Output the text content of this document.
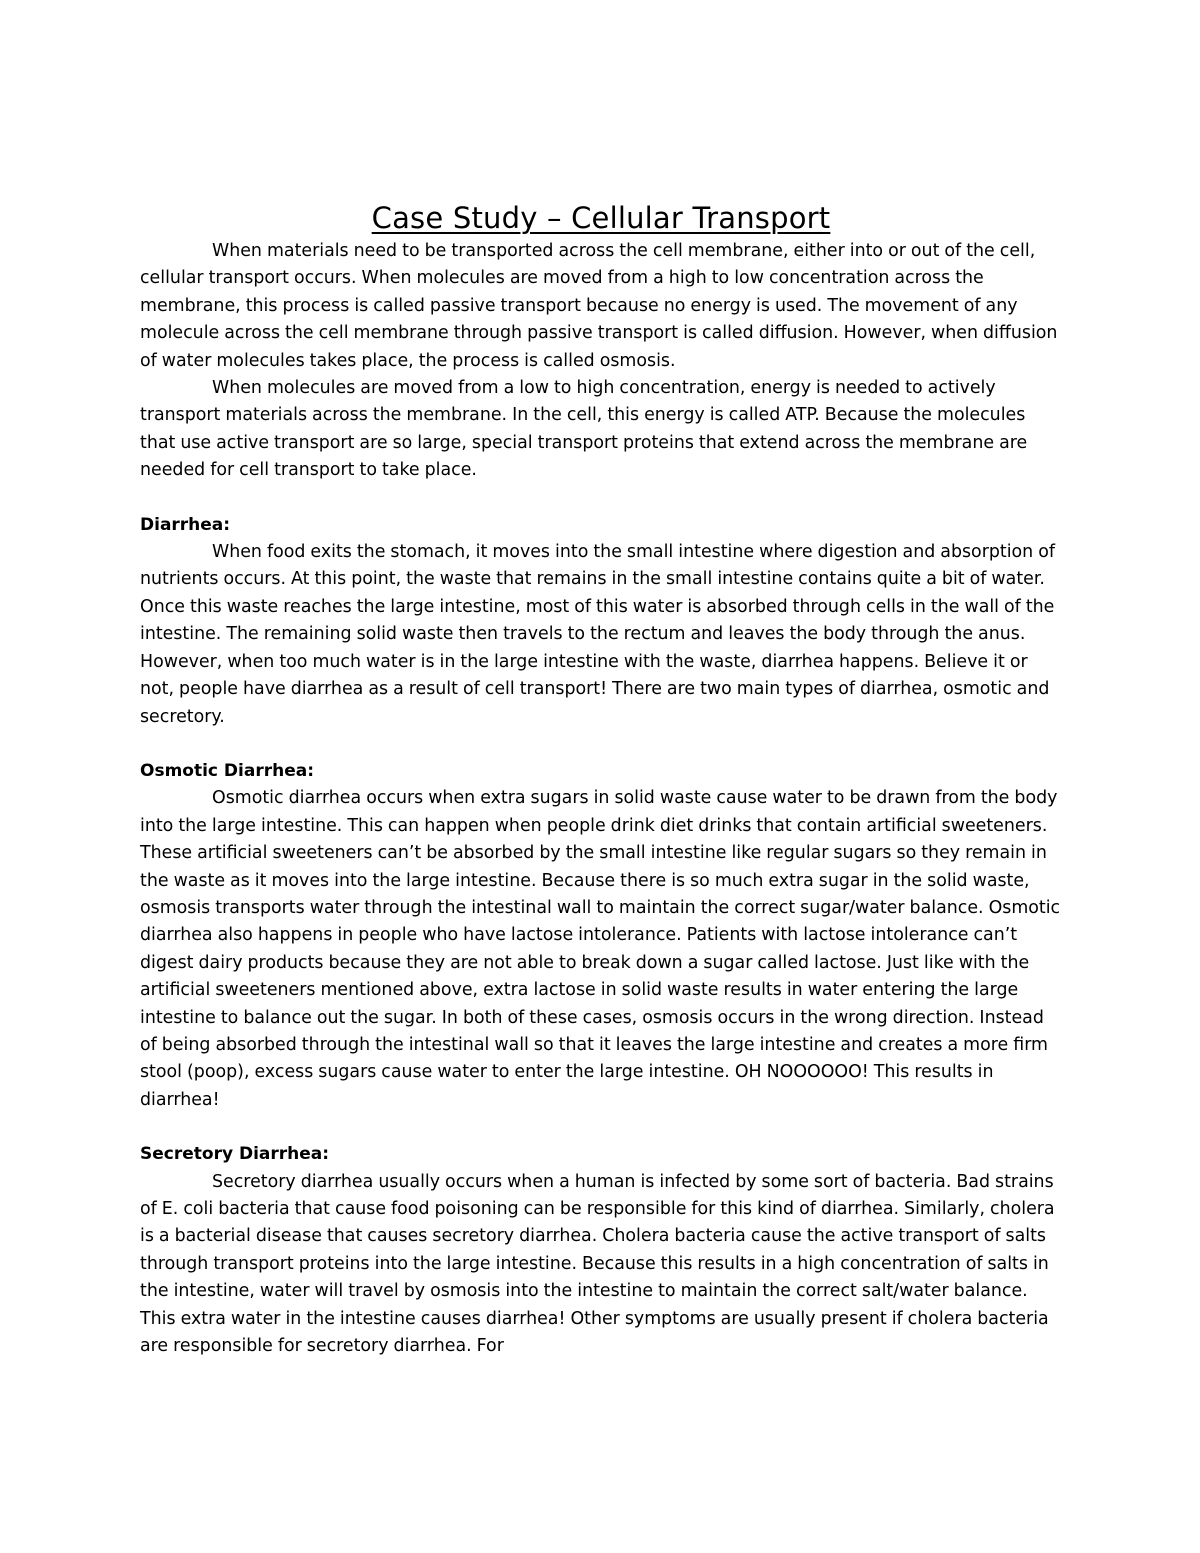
Case Study – Cellular Transport

When materials need to be transported across the cell membrane, either into or out of the cell, cellular transport occurs. When molecules are moved from a high to low concentration across the membrane, this process is called passive transport because no energy is used. The movement of any molecule across the cell membrane through passive transport is called diffusion. However, when diffusion of water molecules takes place, the process is called osmosis.

When molecules are moved from a low to high concentration, energy is needed to actively transport materials across the membrane. In the cell, this energy is called ATP. Because the molecules that use active transport are so large, special transport proteins that extend across the membrane are needed for cell transport to take place.

Diarrhea:

When food exits the stomach, it moves into the small intestine where digestion and absorption of nutrients occurs. At this point, the waste that remains in the small intestine contains quite a bit of water. Once this waste reaches the large intestine, most of this water is absorbed through cells in the wall of the intestine. The remaining solid waste then travels to the rectum and leaves the body through the anus. However, when too much water is in the large intestine with the waste, diarrhea happens. Believe it or not, people have diarrhea as a result of cell transport! There are two main types of diarrhea, osmotic and secretory.

Osmotic Diarrhea:

Osmotic diarrhea occurs when extra sugars in solid waste cause water to be drawn from the body into the large intestine. This can happen when people drink diet drinks that contain artificial sweeteners. These artificial sweeteners can’t be absorbed by the small intestine like regular sugars so they remain in the waste as it moves into the large intestine. Because there is so much extra sugar in the solid waste, osmosis transports water through the intestinal wall to maintain the correct sugar/water balance. Osmotic diarrhea also happens in people who have lactose intolerance. Patients with lactose intolerance can’t digest dairy products because they are not able to break down a sugar called lactose. Just like with the artificial sweeteners mentioned above, extra lactose in solid waste results in water entering the large intestine to balance out the sugar. In both of these cases, osmosis occurs in the wrong direction. Instead of being absorbed through the intestinal wall so that it leaves the large intestine and creates a more firm stool (poop), excess sugars cause water to enter the large intestine. OH NOOOOOO! This results in diarrhea!

Secretory Diarrhea:

Secretory diarrhea usually occurs when a human is infected by some sort of bacteria. Bad strains of E. coli bacteria that cause food poisoning can be responsible for this kind of diarrhea. Similarly, cholera is a bacterial disease that causes secretory diarrhea. Cholera bacteria cause the active transport of salts through transport proteins into the large intestine. Because this results in a high concentration of salts in the intestine, water will travel by osmosis into the intestine to maintain the correct salt/water balance. This extra water in the intestine causes diarrhea! Other symptoms are usually present if cholera bacteria are responsible for secretory diarrhea. For
